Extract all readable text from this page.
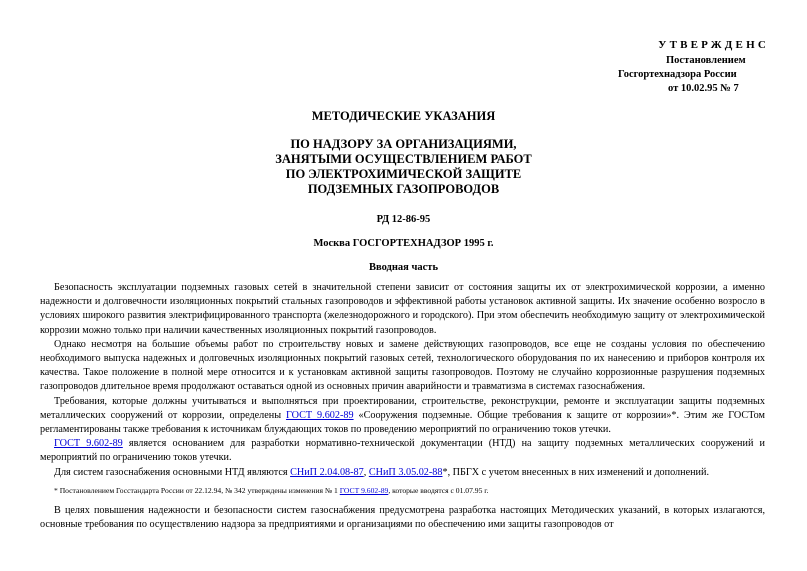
УТВЕРЖДЕНС
Постановлением
Госгортехнадзора России
от 10.02.95 № 7
МЕТОДИЧЕСКИЕ УКАЗАНИЯ
ПО НАДЗОРУ ЗА ОРГАНИЗАЦИЯМИ,
ЗАНЯТЫМИ ОСУЩЕСТВЛЕНИЕМ РАБОТ
ПО ЭЛЕКТРОХИМИЧЕСКОЙ ЗАЩИТЕ
ПОДЗЕМНЫХ ГАЗОПРОВОДОВ
РД 12-86-95
Москва ГОСГОРТЕХНАДЗОР 1995 г.
Вводная часть

Безопасность эксплуатации подземных газовых сетей в значительной степени зависит от состояния защиты их от электрохимической коррозии, а именно надежности и долговечности изоляционных покрытий стальных газопроводов и эффективной работы установок активной защиты. Их значение особенно возросло в условиях широкого развития электрифицированного транспорта (железнодорожного и городского). При этом обеспечить необходимую защиту от электрохимической коррозии можно только при наличии качественных изоляционных покрытий газопроводов.

Однако несмотря на большие объемы работ по строительству новых и замене действующих газопроводов, все еще не созданы условия по обеспечению необходимого выпуска надежных и долговечных изоляционных покрытий газовых сетей, технологического оборудования по их нанесению и приборов контроля их качества. Такое положение в полной мере относится и к установкам активной защиты газопроводов. Поэтому не случайно коррозионные разрушения подземных газопроводов длительное время продолжают оставаться одной из основных причин аварийности и травматизма в системах газоснабжения.

Требования, которые должны учитываться и выполняться при проектировании, строительстве, реконструкции, ремонте и эксплуатации защиты подземных металлических сооружений от коррозии, определены ГОСТ 9.602-89 «Сооружения подземные. Общие требования к защите от коррозии»*. Этим же ГОСТом регламентированы также требования к источникам блуждающих токов по проведению мероприятий по ограничению токов утечки.

ГОСТ 9.602-89 является основанием для разработки нормативно-технической документации (НТД) на защиту подземных металлических сооружений и мероприятий по ограничению токов утечки.

Для систем газоснабжения основными НТД являются СНиП 2.04.08-87, СНиП 3.05.02-88*, ПБГХ с учетом внесенных в них изменений и дополнений.

* Постановлением Госстандарта России от 22.12.94, № 342 утверждены изменения № 1 ГОСТ 9.602-89, которые вводятся с 01.07.95 г.

В целях повышения надежности и безопасности систем газоснабжения предусмотрена разработка настоящих Методических указаний, в которых излагаются, основные требования по осуществлению надзора за предприятиями и организациями по обеспечению ими защиты газопроводов от
